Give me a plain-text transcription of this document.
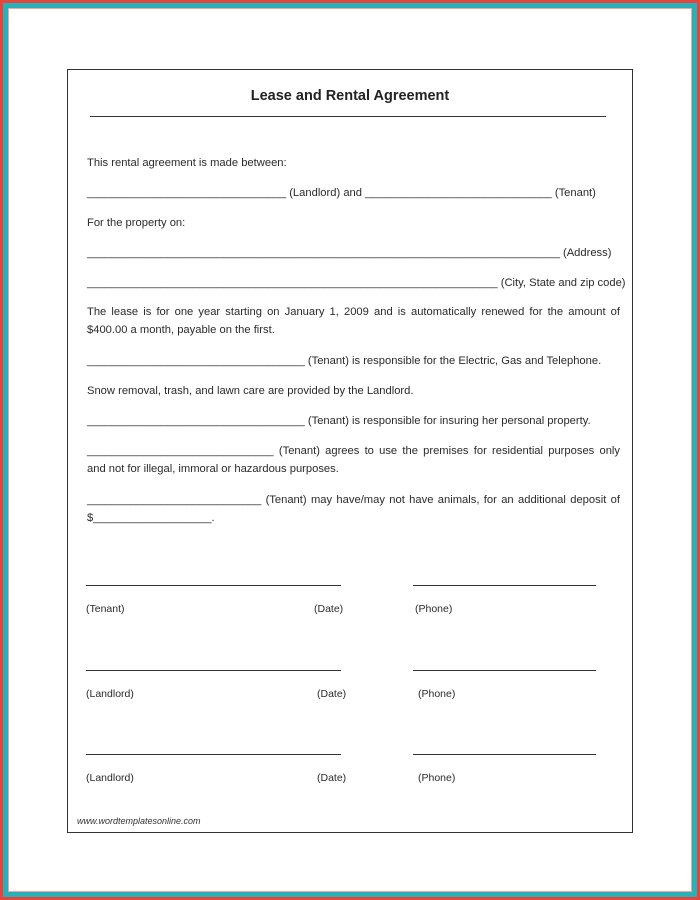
Lease and Rental Agreement
This rental agreement is made between:
________________________________ (Landlord) and ______________________________ (Tenant)
For the property on:
____________________________________________________________________________ (Address)
__________________________________________________________________ (City, State and zip code)
The lease is for one year starting on January 1, 2009 and is automatically renewed for the amount of $400.00 a month, payable on the first.
___________________________________ (Tenant) is responsible for the Electric, Gas and Telephone.
Snow removal, trash, and lawn care are provided by the Landlord.
___________________________________ (Tenant) is responsible for insuring her personal property.
______________________________ (Tenant) agrees to use the premises for residential purposes only and not for illegal, immoral or hazardous purposes.
____________________________ (Tenant) may have/may not have animals, for an additional deposit of $___________________.
(Tenant)	(Date)	(Phone)
(Landlord)	(Date)	(Phone)
(Landlord)	(Date)	(Phone)
www.wordtemplatesonline.com
